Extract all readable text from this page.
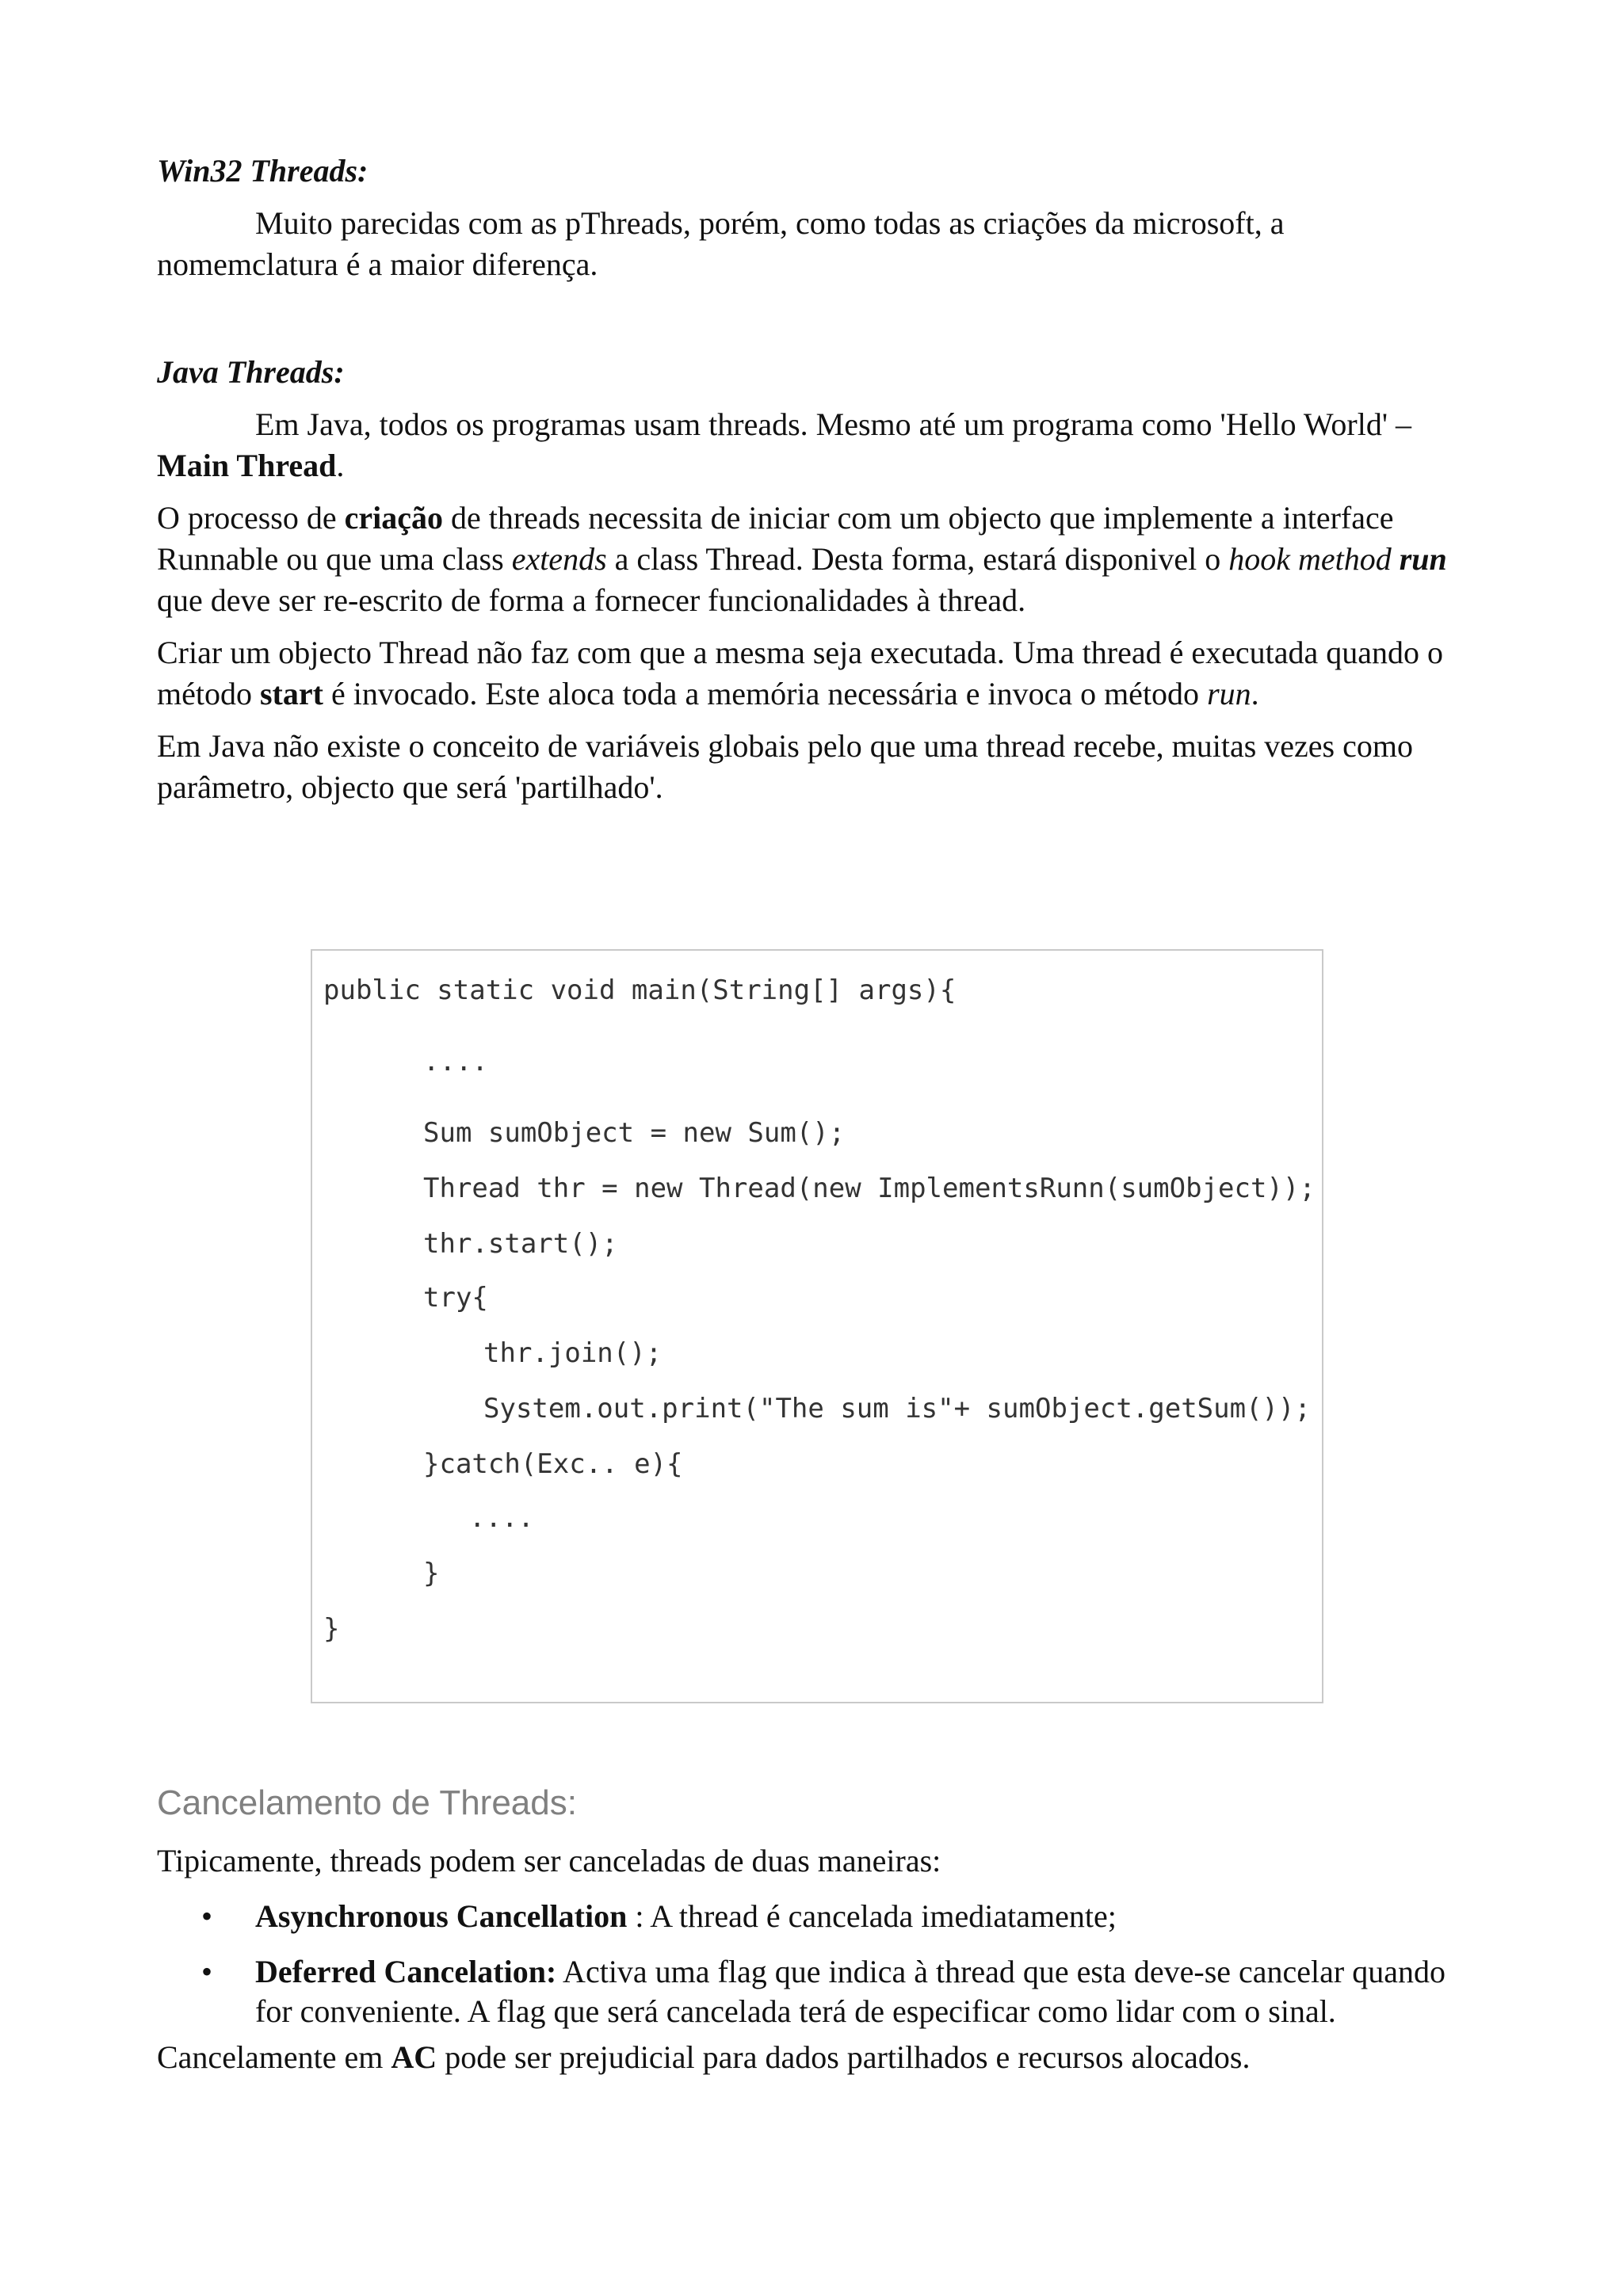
Win32 Threads:

Muito parecidas com as pThreads, porém, como todas as criações da microsoft, a nomemclatura é a maior diferença.

Java Threads:

Em Java, todos os programas usam threads. Mesmo até um programa como 'Hello World' – Main Thread.

O processo de criação de threads necessita de iniciar com um objecto que implemente a interface Runnable ou que uma class extends a class Thread. Desta forma, estará disponivel o hook method run que deve ser re-escrito de forma a fornecer funcionalidades à thread.

Criar um objecto Thread não faz com que a mesma seja executada. Uma thread é executada quando o método start é invocado. Este aloca toda a memória necessária e invoca o método run.

Em Java não existe o conceito de variáveis globais pelo que uma thread recebe, muitas vezes como parâmetro, objecto que será 'partilhado'.

public static void main(String[] args){
....
Sum sumObject = new Sum();
Thread thr = new Thread(new ImplementsRunn(sumObject));
thr.start();
try{
thr.join();
System.out.print("The sum is"+ sumObject.getSum());
}catch(Exc.. e){
....
}
}
Cancelamento de Threads:

Tipicamente, threads podem ser canceladas de duas maneiras:

• Asynchronous Cancellation : A thread é cancelada imediatamente;
• Deferred Cancelation: Activa uma flag que indica à thread que esta deve-se cancelar quando for conveniente. A flag que será cancelada terá de especificar como lidar com o sinal.

Cancelamente em AC pode ser prejudicial para dados partilhados e recursos alocados.
